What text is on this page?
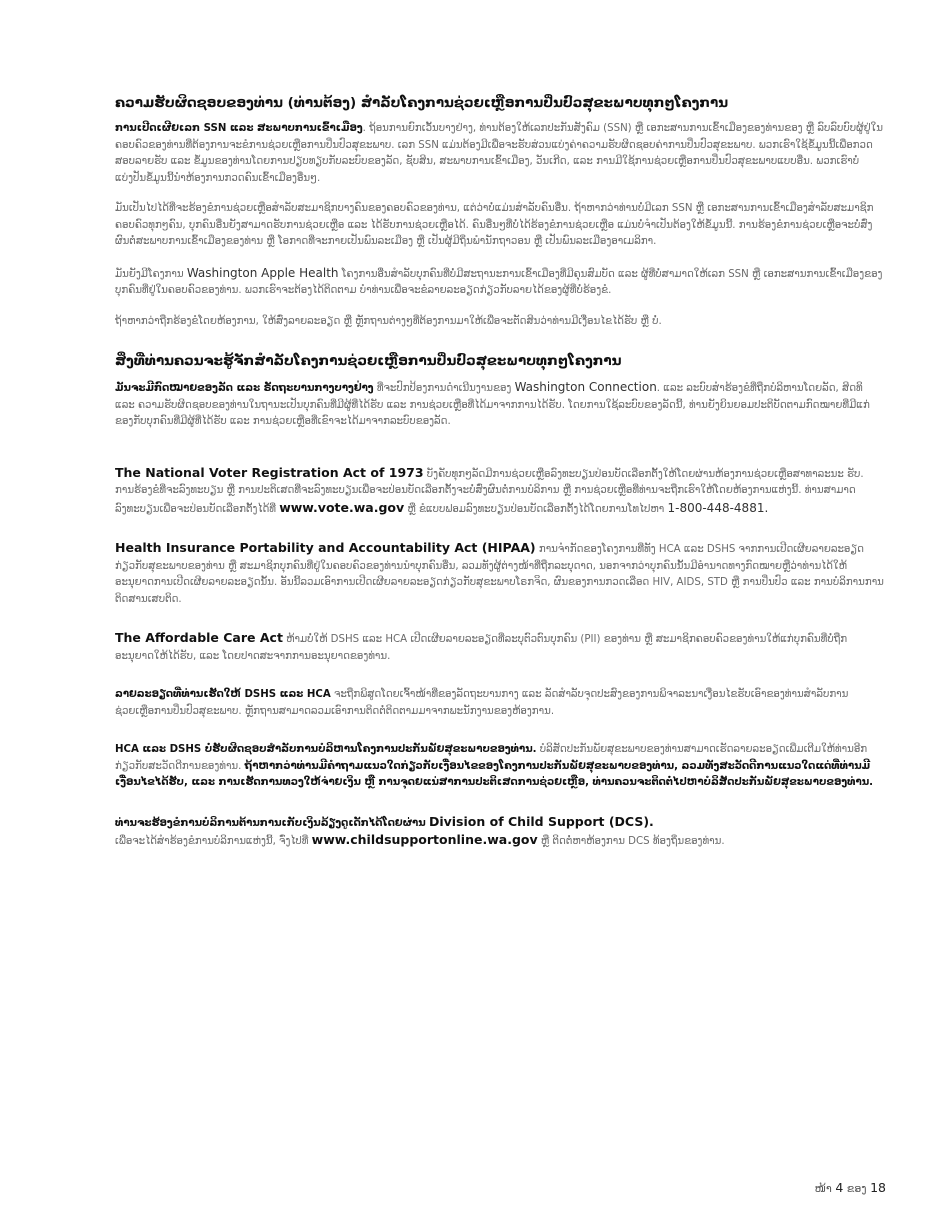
ຄວາມຮັບຜິດຊອບຂອງທ່ານ (ທ່ານຕ້ອງ) ສຳລັບໂຄງການຊ່ວຍເຫຼືອການປິ່ນປົວສຸຂະພາບທຸກໆໂຄງການ

ການເປີດເຜີຍເລກ SSN ແລະ ສະພາບການເຂົ້າເມືອງ. ຖ້ອນການຍົກເວັ້ນບາງຢ່າງ, ທ່ານຕ້ອງໃຫ້ເລກປະກັນສັງຄົມ (SSN) ຫຼື ເອກະສານການເຂົ້າເມືອງຂອງທ່ານຂອງ ຫຼື ລົບລົບບົບຜູ້ຢູ່ໃນຄອບຄົວຂອງທ່ານທີ່ຕ້ອງການຈະຂໍການຊ່ວຍເຫຼືອການປິ່ນປົວສຸຂະພາບ. ເລກ SSN ແມ່ນຕ້ອງມີເພື່ອຈະຮັບສ່ວນແບ່ງຄ່າຄວາມຮັບຜິດຊອບຄ່າການປິ່ນປົວສຸຂະພາບ. ພວກເຮົາໃຊ້ຂໍ້ມູນນີ້ເພື່ອກວດສອບລາຍຮັບ ແລະ ຂໍ້ມູນຂອງທ່ານໂດຍການປຽບທຽບກັບລະບົບຂອງລັດ, ຊັບສິນ, ສະພາບການເຂົ້າເມືອງ, ວັນເກີດ, ແລະ ການມີໃຊ້ການຊ່ວຍເຫຼືອການປິ່ນປົວສຸຂະພາບແບບອື່ນ. ພວກເຮົາບໍ່ແບ່ງປັນຂໍ້ມູນນີ້ນຳຫ້ອງການກວດຄົນເຂົ້າເມືອງອື່ນໆ.

ມັນເປັນໄປໄດ້ທີ່ຈະຮ້ອງຂໍການຊ່ວຍເຫຼືອສຳລັບສະມາຊິກບາງຄົນຂອງຄອບຄົວຂອງທ່ານ, ແຕ່ວ່າບໍ່ແມ່ນສຳລັບຄົນອື່ນ. ຖ້າຫາກວ່າທ່ານບໍ່ມີເລກ SSN ຫຼື ເອກະສານການເຂົ້າເມືອງສຳລັບສະມາຊິກຄອບຄົວທຸກໆຄົນ, ບຸກຄົນອື່ນຍັງສາມາດຮັບການຊ່ວຍເຫຼືອ ແລະ ໄດ້ຮັບການຊ່ວຍເຫຼືອໄດ້. ຄົນອື່ນໆທີ່ບໍ່ໄດ້ຮ້ອງຂໍການຊ່ວຍເຫຼືອ ແມ່ນບໍ່ຈຳເປັນຕ້ອງໃຫ້ຂໍ້ມູນນີ້. ການຮ້ອງຂໍການຊ່ວຍເຫຼືອຈະບໍ່ສົ່ງຜົນຕໍ່ສະພາບການເຂົ້າເມືອງຂອງທ່ານ ຫຼື ໂອກາດທີ່ຈະກາຍເປັນພົນລະເມືອງ ຫຼື ເປັນຜູ້ມີຖິ່ນພຳນັກຖາວອນ ຫຼື ເປັນພົນລະເມືອງອາເມລິກາ.

ມັນຍັງມີໂຄງການ Washington Apple Health ໂຄງການອື່ນສຳລັບບຸກຄົນທີ່ບໍ່ມີສະຖານະການເຂົ້າເມືອງທີ່ມີຄຸນສົມບັດ ແລະ ຜູ້ທີ່ບໍ່ສາມາດໃຫ້ເລກ SSN ຫຼື ເອກະສານການເຂົ້າເມືອງຂອງບຸກຄົນທີ່ຢູ່ໃນຄອບຄົວຂອງທ່ານ. ພວກເຮົາຈະຕ້ອງໄດ້ຕິດຕາມ ບໍາທ່ານເພື່ອຈະຂໍລາຍລະອຽດກ່ຽວກັບລາຍໄດ້ຂອງຜູ້ທີ່ບໍ່ຮ້ອງຂໍ.

ຖ້າຫາກວ່າຖືກຮ້ອງຂໍໂດຍຫ້ອງການ, ໃຫ້ສົ່ງລາຍລະອຽດ ຫຼື ຫຼັກຖານຕ່າງໆທີ່ຕ້ອງການມາໃຫ້ເພື່ອຈະຕັດສິນວ່າທ່ານມີເງື່ອນໄຂໄດ້ຮັບ ຫຼື ບໍ່.

ສິ່ງທີ່ທ່ານຄວນຈະຮູ້ຈັກສຳລັບໂຄງການຊ່ວຍເຫຼືອການປິ່ນປົວສຸຂະພາບທຸກໆໂຄງການ

ມັນຈະມີກົດໝາຍຂອງລັດ ແລະ ຣັດຖະບານກາງບາງຢ່າງ ທີ່ຈະປົກປ້ອງການດຳເນີນງານຂອງ Washington Connection. ແລະ ລະບົບສຳຮ້ອງຂໍທີ່ຖືກບໍລິຫານໂດຍລັດ, ສິດທິ ແລະ ຄວາມຮັບຜິດຊອບຂອງທ່ານໃນຖານະເປັນບຸກຄົນທີ່ມີຜູ້ທີ່ໄດ້ຮັບ ແລະ ການຊ່ວຍເຫຼືອທີ່ໄດ້ມາຈາກການໄດ້ຮັບ. ໂດຍການໃຊ້ລະບົບຂອງລັດນີ້, ທ່ານຍັງຍິນຍອມປະຕິບັດຕາມກົດໝາຍທີ່ມີແກ່ຂອງກັບບຸກຄົນທີ່ມີຜູ້ທີ່ໄດ້ຮັບ ແລະ ການຊ່ວຍເຫຼືອທີ່ເຂົາຈະໄດ້ມາຈາກລະບົບຂອງລັດ.

The National Voter Registration Act of 1973 ບັງຄັບທຸກໆລັດມີການຊ່ວຍເຫຼືອລົງທະບຽນປ່ອນບັດເລືອກຕັ້ງໃຫ້ໂດຍຜ່ານຫ້ອງການຊ່ວຍເຫຼືອສາທາລະນະ ຮັບ. ການຮ້ອງຂໍທີ່ຈະລົງທະບຽນ ຫຼື ການປະຕິເສດທີ່ຈະລົງທະບຽນເພື່ອຈະປ່ອນບັດເລືອກຕັ້ງຈະບໍ່ສົ່ງຜົນຕໍ່ການບໍລິການ ຫຼື ການຊ່ວຍເຫຼືອທີ່ທ່ານຈະຖືກເຮົາໃຫ້ໂດຍຫ້ອງການແຫ່ງນີ້. ທ່ານສາມາດລົງທະບຽນເພື່ອຈະປ່ອນບັດເລືອກຕັ້ງໄດ້ທີ່ www.vote.wa.gov ຫຼື ຂໍແບບຟອມລົງທະບຽນປ່ອນບັດເລືອກຕັ້ງໄດ້ໂດຍການໂທໄປຫາ 1-800-448-4881.

Health Insurance Portability and Accountability Act (HIPAA) ການຈຳກັດຂອງໂຄງການທີ່ທັງ HCA ແລະ DSHS ຈາກການເປີດເຜີຍລາຍລະອຽດກ່ຽວກັບສຸຂະພາບຂອງທ່ານ ຫຼື ສະມາຊິກບຸກຄົນທີ່ຢູ່ໃນຄອບຄົວຂອງທ່ານນຳບຸກຄົນອື່ນ, ລວມທັງຜູ້ຕ່າງໜ້າທີ່ຖືກລະບຸດາດ, ນອກຈາກວ່າບຸກຄົນນັ້ນມີອຳນາດທາງກົດໝາຍຫຼືວ່າທ່ານໄດ້ໃຫ້ອະນຸຍາດການເປີດເຜີຍລາຍລະອຽດນັ້ນ. ອັນນີ້ລວມເອົາການເປີດເຜີຍລາຍລະອຽດກ່ຽວກັບສຸຂະພາບໂຣກຈິດ, ຜົນຂອງການກວດເລືອດ HIV, AIDS, STD ຫຼື ການປິ່ນປົວ ແລະ ການບໍລິການການຕິດສານເສບຕິດ.

The Affordable Care Act ຫ້າມບໍ່ໃຫ້ DSHS ແລະ HCA ເປີດເຜີຍລາຍລະອຽດທີ່ລະບຸຕົວຕົນບຸກຄົນ (PII) ຂອງທ່ານ ຫຼື ສະມາຊິກຄອບຄົວຂອງທ່ານໃຫ້ແກ່ບຸກຄົນທີ່ບໍ່ຖືກອະນຸຍາດໃຫ້ໄດ້ຮັບ, ແລະ ໂດຍປາດສະຈາກການອະນຸຍາດຂອງທ່ານ.

ລາຍລະອຽດທີ່ທ່ານເຮັດໃຫ້ DSHS ແລະ HCA ຈະຖືກພິສູດໂດຍເຈົ້າໜ້າທີ່ຂອງລັດຖະບານກາງ ແລະ ລັດສຳລັບຈຸດປະສົງຂອງການພິຈາລະນາເງື່ອນໄຂຮັບເອົາຂອງທ່ານສຳລັບການຊ່ວຍເຫຼືອການປິ່ນປົວສຸຂະພາບ. ຫຼັກຖານສາມາດລວມເອົາການຕິດຕໍ່ຕິດຕາມມາຈາກພະນັກງານຂອງຫ້ອງການ.

HCA ແລະ DSHS ບໍ່ຮັບຜິດຊອບສຳລັບການບໍລິຫານໂຄງການປະກັນພັຍສຸຂະພາບຂອງທ່ານ. ບໍລິສັດປະກັນພັຍສຸຂະພາບຂອງທ່ານສາມາດເຮັດລາຍລະອຽດເພີ່ມເຕີມໃຫ້ທ່ານອີກກ່ຽວກັບສະວັດດີການຂອງທ່ານ. ຖ້າຫາກວ່າທ່ານມີຄຳຖາມແນວໃດກ່ຽວກັບເງື່ອນໄຂຂອງໂຄງການປະກັນພັຍສຸຂະພາບຂອງທ່ານ, ລວມທັງສະວັດດີການແນວໃດແດ່ທີ່ທ່ານມີເງື່ອນໄຂໄດ້ຮັບ, ແລະ ການເຮັດການທວງໃຫ້ຈ່າຍເງິນ ຫຼື ການຈຸດຍແນ່ສາການປະຕິເສດການຊ່ວຍເຫຼືອ, ທ່ານຄວນຈະຕິດຕໍ່ໄປຫາບໍລິສັດປະກັນພັຍສຸຂະພາບຂອງທ່ານ.

ທ່ານຈະຮ້ອງຂໍການບໍລິການຕ້ານການເກັບເງິນລ້ຽງດູເດັກໄດ້ໂດຍຜ່ານ Division of Child Support (DCS).
ເພື່ອຈະໄດ້ສຳຮ້ອງຂໍການບໍລິການແຫ່ງນີ້, ຈົ່ງໄປທີ່ www.childsupportonline.wa.gov ຫຼື ຕິດຕໍ່ຫາຫ້ອງການ DCS ທ້ອງຖິ່ນຂອງທ່ານ.

ໜ້າ 4 ຂອງ 18
